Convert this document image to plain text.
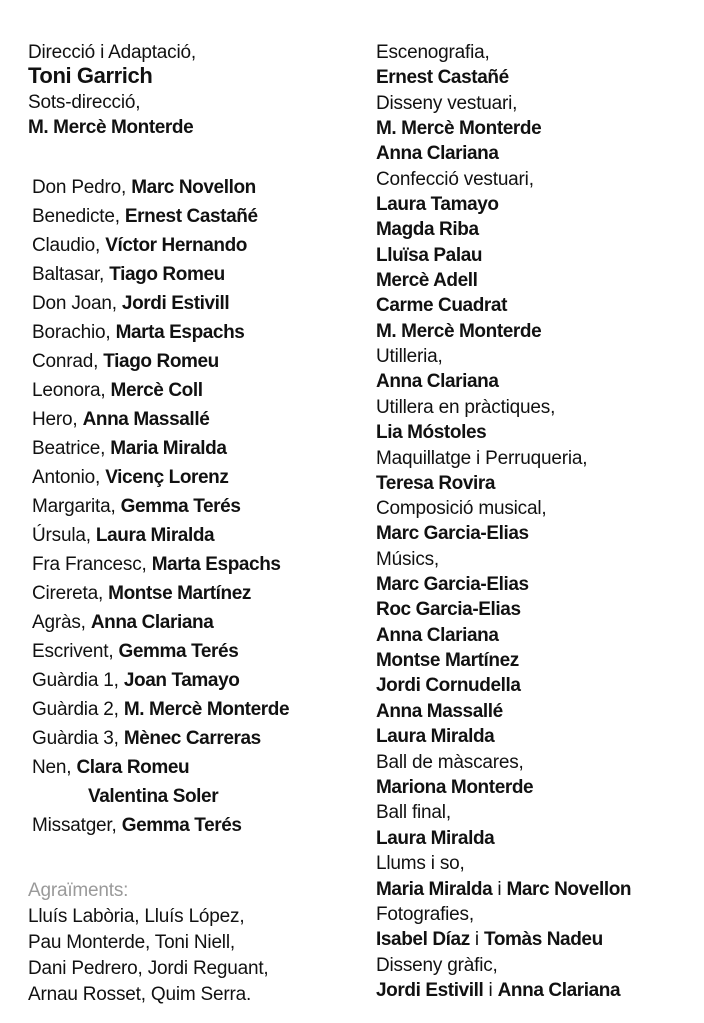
Direcció i Adaptació,
Toni Garrich
Sots-direcció,
M. Mercè Monterde
Don Pedro, Marc Novellon
Benedicte, Ernest Castañé
Claudio, Víctor Hernando
Baltasar, Tiago Romeu
Don Joan, Jordi Estivill
Borachio, Marta Espachs
Conrad, Tiago Romeu
Leonora, Mercè Coll
Hero, Anna Massallé
Beatrice, Maria Miralda
Antonio, Vicenç Lorenz
Margarita, Gemma Terés
Úrsula, Laura Miralda
Fra Francesc, Marta Espachs
Cirereta, Montse Martínez
Agràs, Anna Clariana
Escrivent, Gemma Terés
Guàrdia 1, Joan Tamayo
Guàrdia 2, M. Mercè Monterde
Guàrdia 3, Mènec Carreras
Nen, Clara Romeu
Valentina Soler
Missatger, Gemma Terés
Agraïments:
Lluís Labòria, Lluís López,
Pau Monterde, Toni Niell,
Dani Pedrero, Jordi Reguant,
Arnau Rosset, Quim Serra.
Escenografia,
Ernest Castañé
Disseny vestuari,
M. Mercè Monterde
Anna Clariana
Confecció vestuari,
Laura Tamayo
Magda Riba
Lluïsa Palau
Mercè Adell
Carme Cuadrat
M. Mercè Monterde
Utilleria,
Anna Clariana
Utillera en pràctiques,
Lia Móstoles
Maquillatge i Perruqueria,
Teresa Rovira
Composició musical,
Marc Garcia-Elias
Músics,
Marc Garcia-Elias
Roc Garcia-Elias
Anna Clariana
Montse Martínez
Jordi Cornudella
Anna Massallé
Laura Miralda
Ball de màscares,
Mariona Monterde
Ball final,
Laura Miralda
Llums i so,
Maria Miralda i Marc Novellon
Fotografies,
Isabel Díaz i Tomàs Nadeu
Disseny gràfic,
Jordi Estivill i Anna Clariana
